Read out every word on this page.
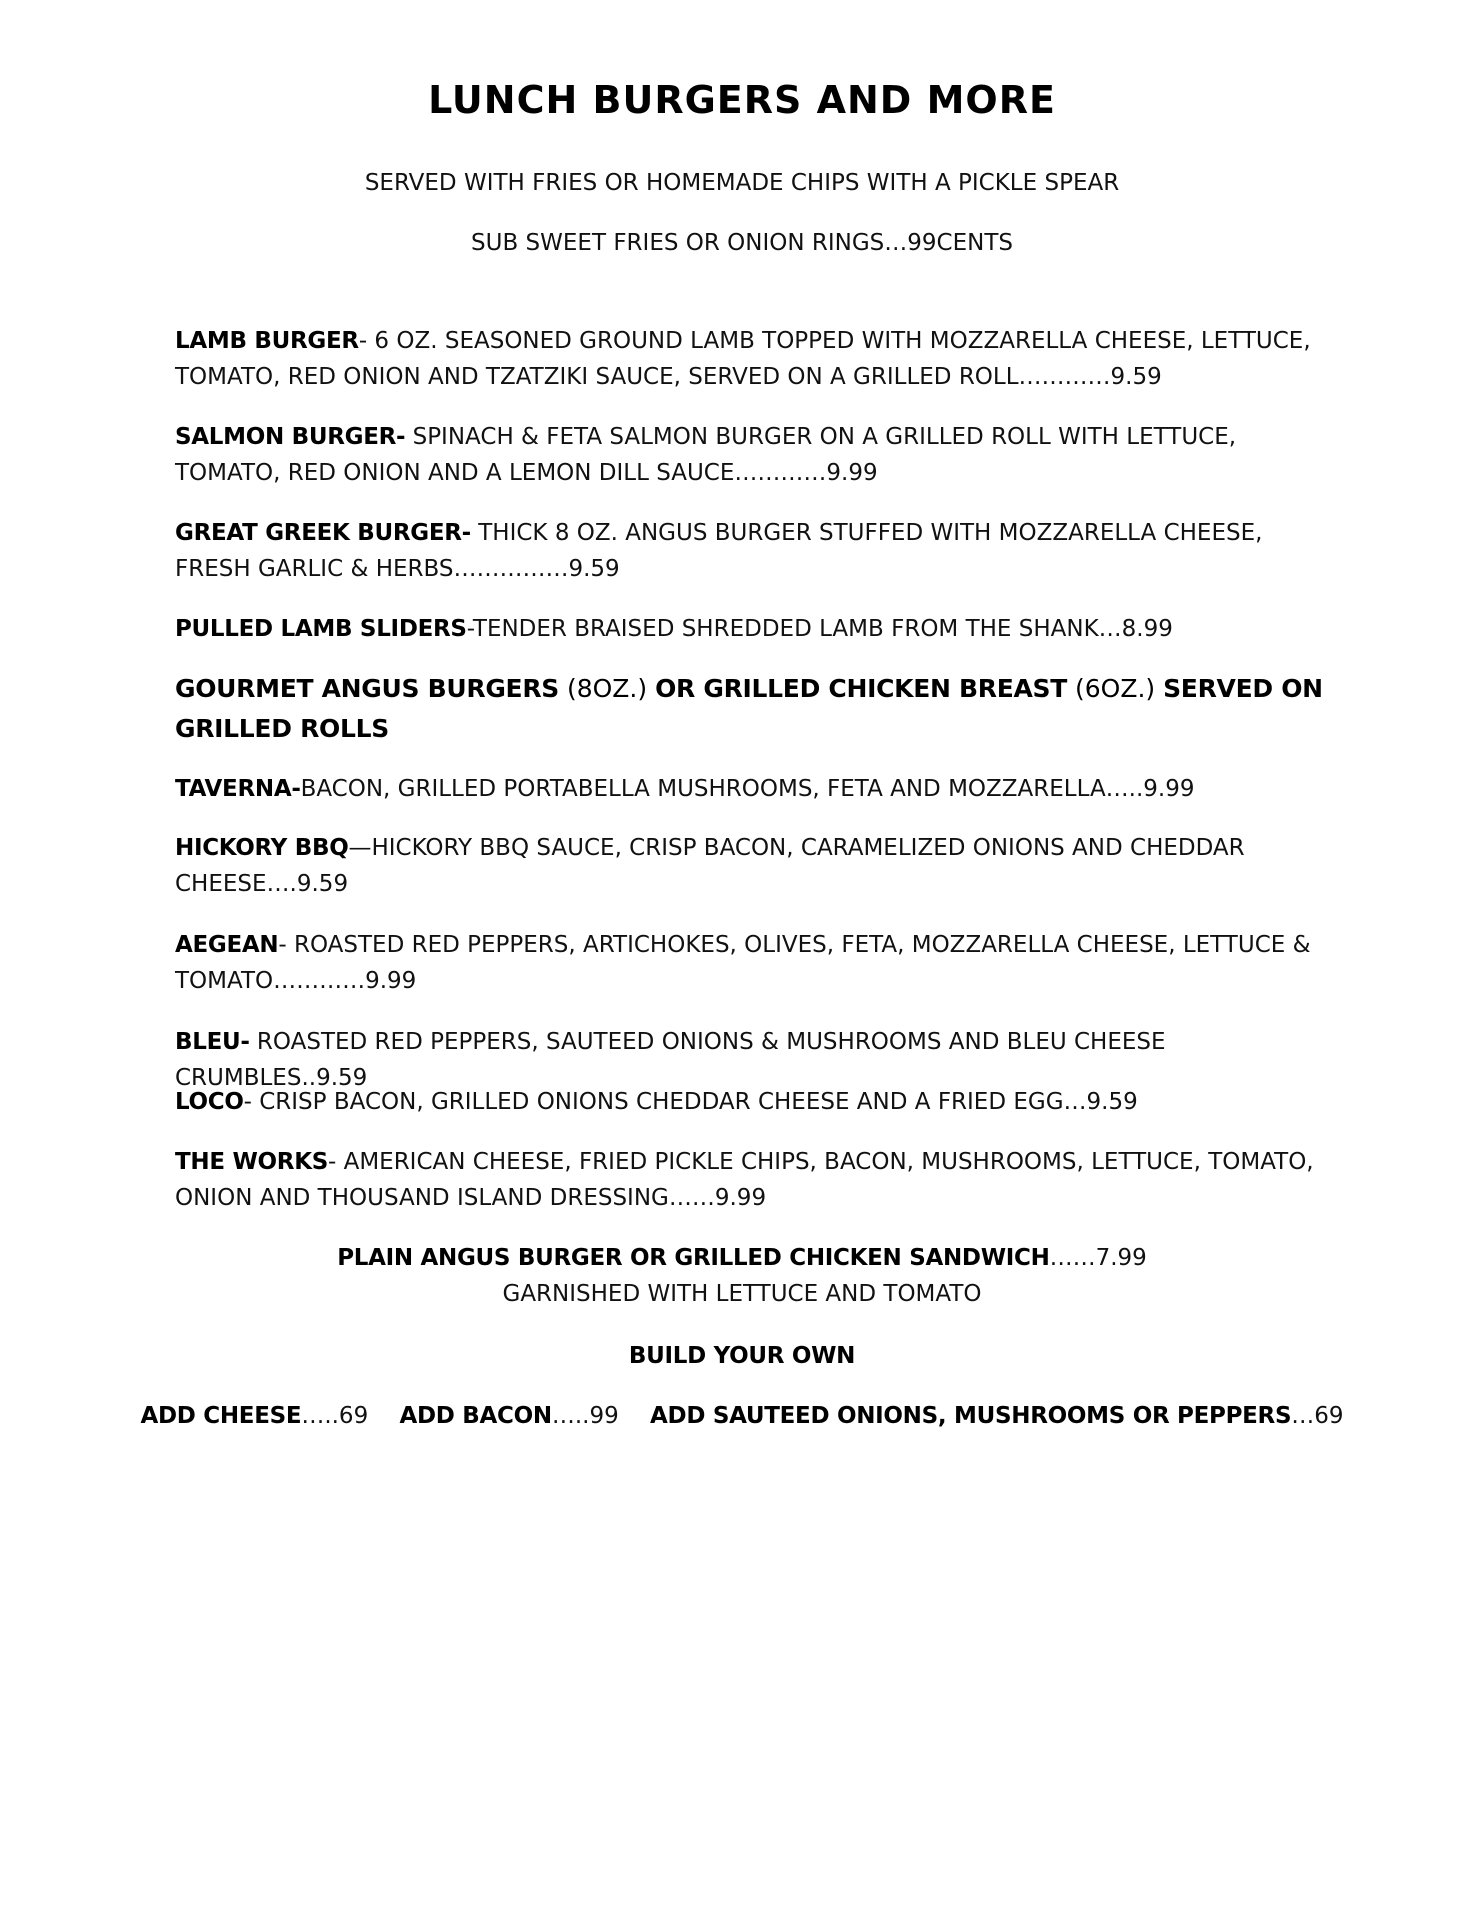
LUNCH BURGERS AND MORE
SERVED WITH FRIES OR HOMEMADE CHIPS WITH A PICKLE SPEAR
SUB SWEET FRIES OR ONION RINGS…99CENTS
LAMB BURGER- 6 OZ. SEASONED GROUND LAMB TOPPED WITH MOZZARELLA CHEESE, LETTUCE, TOMATO, RED ONION AND TZATZIKI SAUCE, SERVED ON A GRILLED ROLL…………9.59
SALMON BURGER- SPINACH & FETA SALMON BURGER ON A GRILLED ROLL WITH LETTUCE, TOMATO, RED ONION AND A LEMON DILL SAUCE…………9.99
GREAT GREEK BURGER- THICK 8 OZ. ANGUS BURGER STUFFED WITH MOZZARELLA CHEESE, FRESH GARLIC & HERBS……………9.59
PULLED LAMB SLIDERS-TENDER BRAISED SHREDDED LAMB FROM THE SHANK…8.99
GOURMET ANGUS BURGERS (8OZ.) OR GRILLED CHICKEN BREAST (6OZ.) SERVED ON GRILLED ROLLS
TAVERNA-BACON, GRILLED PORTABELLA MUSHROOMS, FETA AND MOZZARELLA…..9.99
HICKORY BBQ—HICKORY BBQ SAUCE, CRISP BACON, CARAMELIZED ONIONS AND CHEDDAR CHEESE….9.59
AEGEAN- ROASTED RED PEPPERS, ARTICHOKES, OLIVES, FETA, MOZZARELLA CHEESE, LETTUCE & TOMATO…………9.99
BLEU- ROASTED RED PEPPERS, SAUTEED ONIONS & MUSHROOMS AND BLEU CHEESE CRUMBLES..9.59
LOCO- CRISP BACON, GRILLED ONIONS CHEDDAR CHEESE AND A FRIED EGG…9.59
THE WORKS- AMERICAN CHEESE, FRIED PICKLE CHIPS, BACON, MUSHROOMS, LETTUCE, TOMATO, ONION AND THOUSAND ISLAND DRESSING……9.99
PLAIN ANGUS BURGER OR GRILLED CHICKEN SANDWICH……7.99
GARNISHED WITH LETTUCE AND TOMATO
BUILD YOUR OWN
ADD CHEESE…..69 ADD BACON…..99 ADD SAUTEED ONIONS, MUSHROOMS OR PEPPERS…69
